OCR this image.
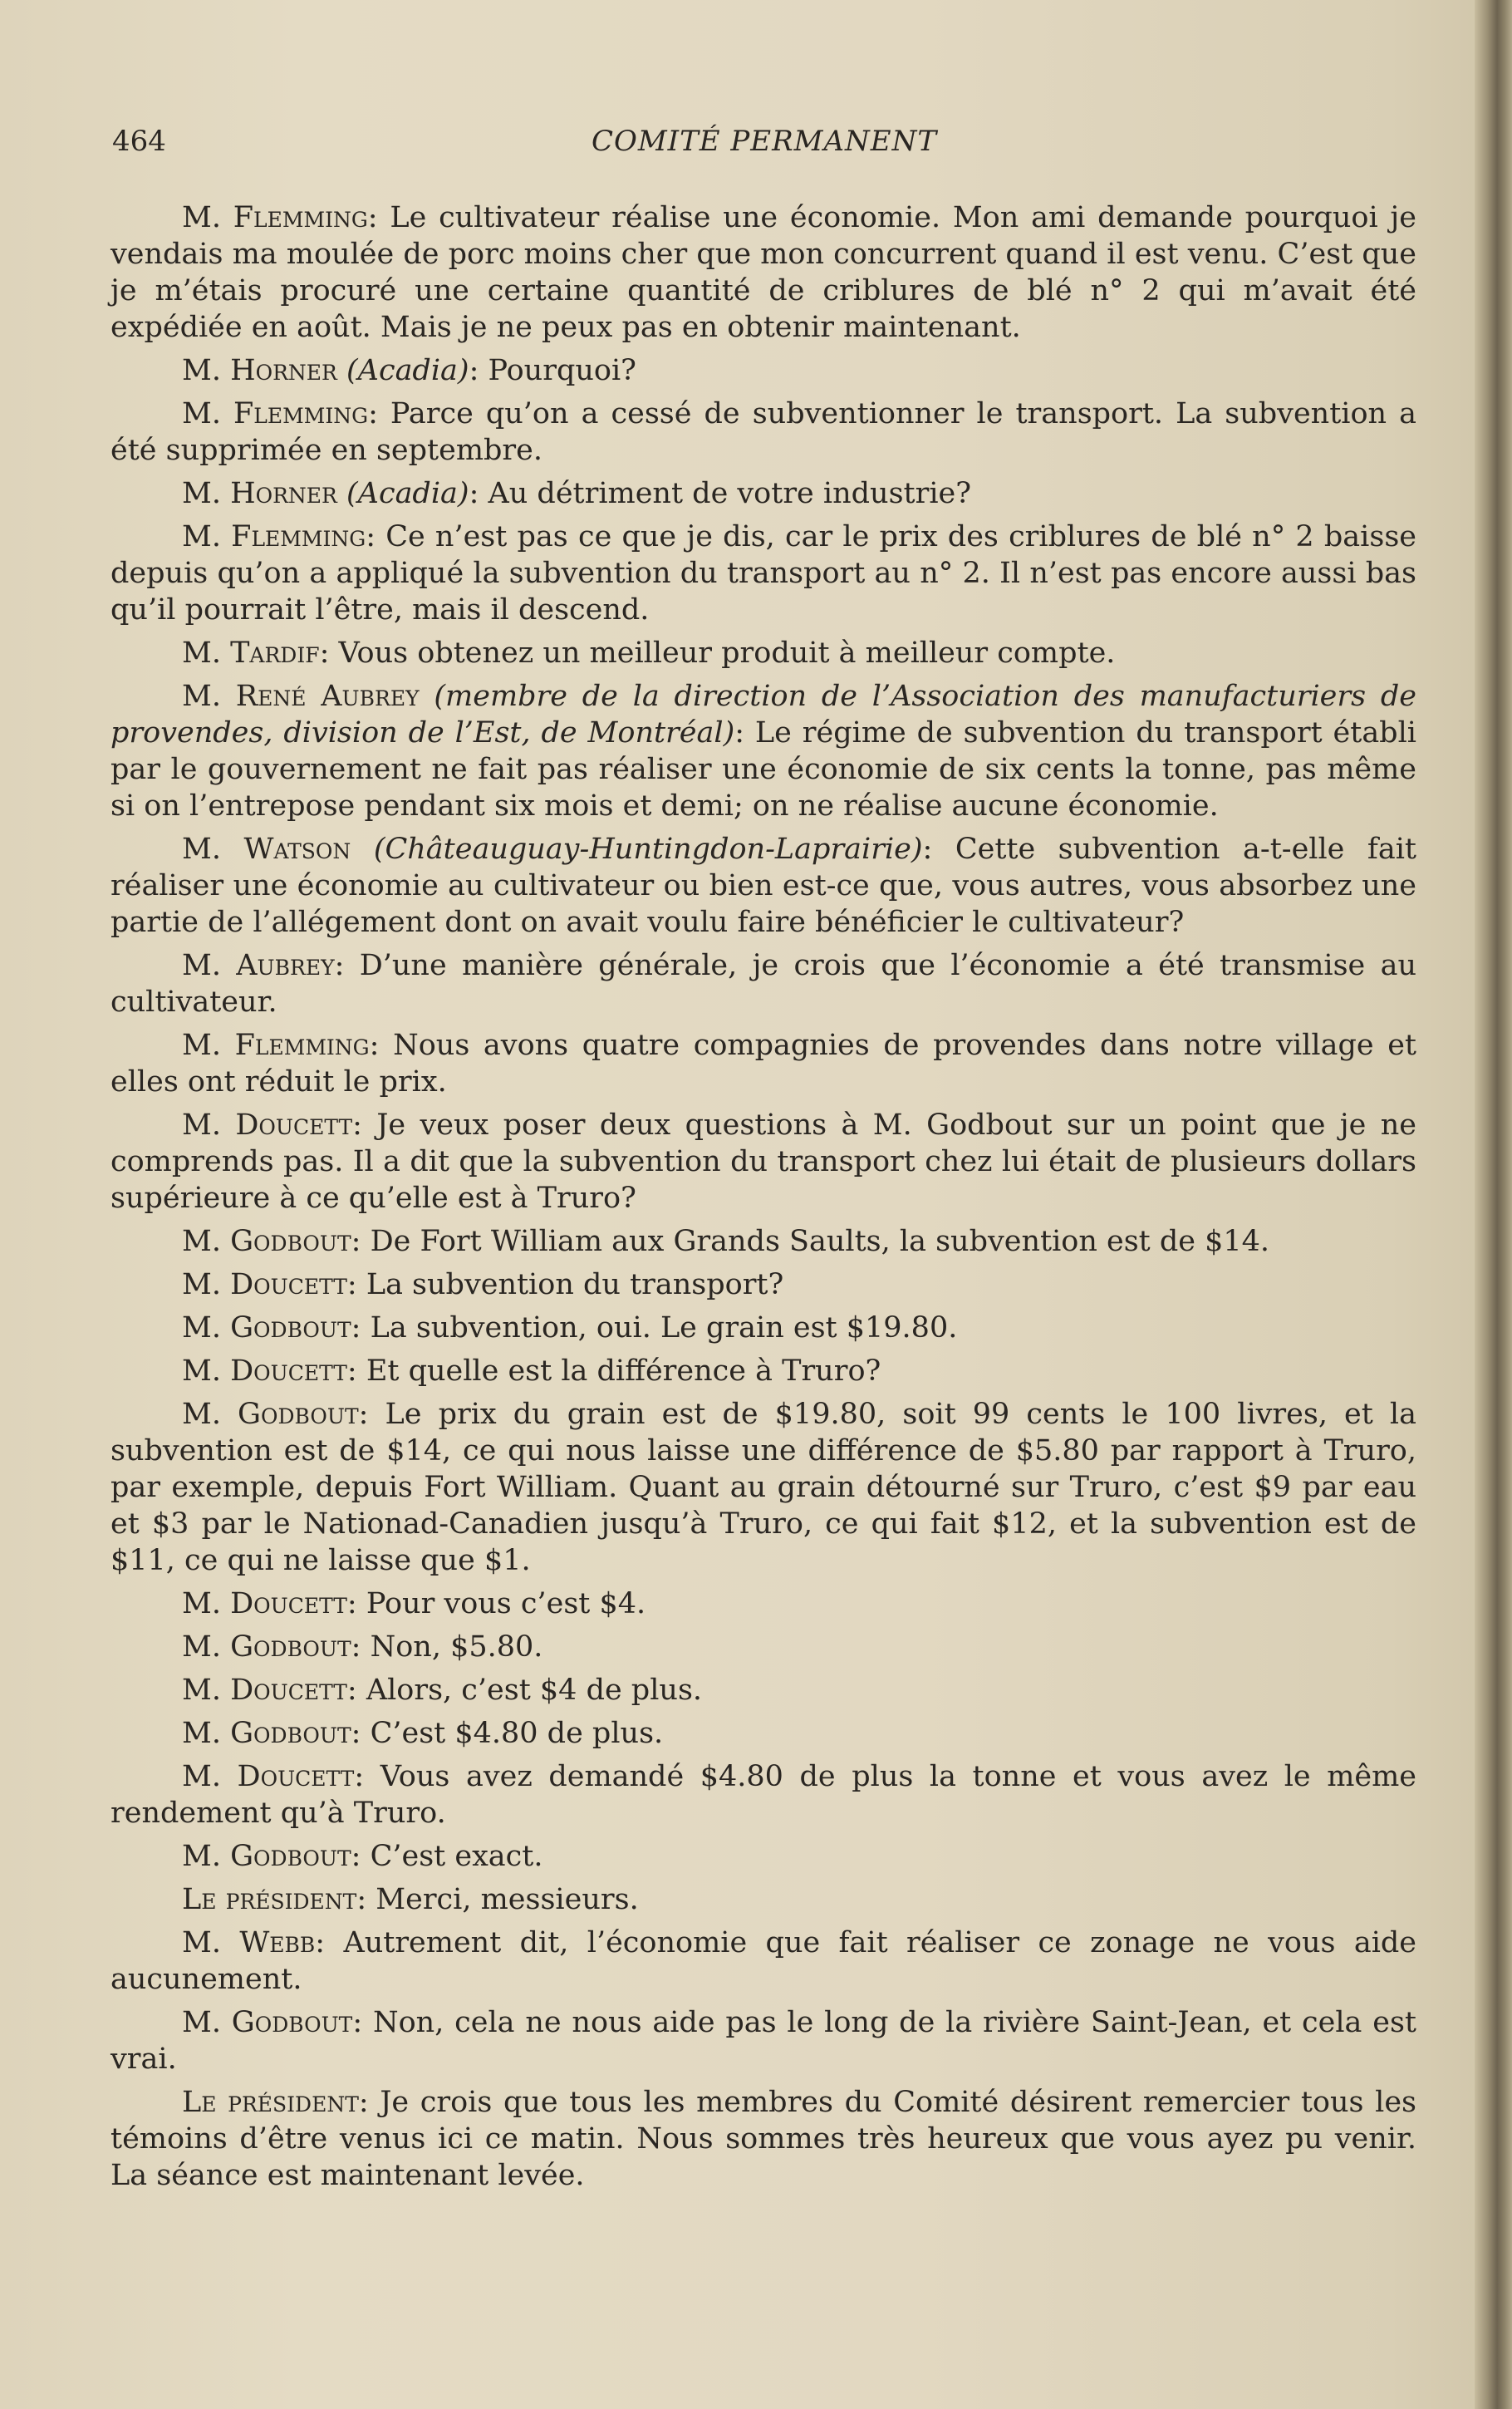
464	COMITÉ PERMANENT

M. Flemming: Le cultivateur réalise une économie. Mon ami demande pourquoi je vendais ma moulée de porc moins cher que mon concurrent quand il est venu. C’est que je m’étais procuré une certaine quantité de criblures de blé n° 2 qui m’avait été expédiée en août. Mais je ne peux pas en obtenir maintenant.

M. Horner (Acadia): Pourquoi?

M. Flemming: Parce qu’on a cessé de subventionner le transport. La subvention a été supprimée en septembre.

M. Horner (Acadia): Au détriment de votre industrie?

M. Flemming: Ce n’est pas ce que je dis, car le prix des criblures de blé n° 2 baisse depuis qu’on a appliqué la subvention du transport au n° 2. Il n’est pas encore aussi bas qu’il pourrait l’être, mais il descend.

M. Tardif: Vous obtenez un meilleur produit à meilleur compte.

M. René Aubrey (membre de la direction de l’Association des manufacturiers de provendes, division de l’Est, de Montréal): Le régime de subvention du transport établi par le gouvernement ne fait pas réaliser une économie de six cents la tonne, pas même si on l’entrepose pendant six mois et demi; on ne réalise aucune économie.

M. Watson (Châteauguay-Huntingdon-Laprairie): Cette subvention a-t-elle fait réaliser une économie au cultivateur ou bien est-ce que, vous autres, vous absorbez une partie de l’allégement dont on avait voulu faire bénéficier le cultivateur?

M. Aubrey: D’une manière générale, je crois que l’économie a été transmise au cultivateur.

M. Flemming: Nous avons quatre compagnies de provendes dans notre village et elles ont réduit le prix.

M. Doucett: Je veux poser deux questions à M. Godbout sur un point que je ne comprends pas. Il a dit que la subvention du transport chez lui était de plusieurs dollars supérieure à ce qu’elle est à Truro?

M. Godbout: De Fort William aux Grands Saults, la subvention est de $14.

M. Doucett: La subvention du transport?

M. Godbout: La subvention, oui. Le grain est $19.80.

M. Doucett: Et quelle est la différence à Truro?

M. Godbout: Le prix du grain est de $19.80, soit 99 cents le 100 livres, et la subvention est de $14, ce qui nous laisse une différence de $5.80 par rapport à Truro, par exemple, depuis Fort William. Quant au grain détourné sur Truro, c’est $9 par eau et $3 par le Nationad-Canadien jusqu’à Truro, ce qui fait $12, et la subvention est de $11, ce qui ne laisse que $1.

M. Doucett: Pour vous c’est $4.

M. Godbout: Non, $5.80.

M. Doucett: Alors, c’est $4 de plus.

M. Godbout: C’est $4.80 de plus.

M. Doucett: Vous avez demandé $4.80 de plus la tonne et vous avez le même rendement qu’à Truro.

M. Godbout: C’est exact.

Le président: Merci, messieurs.

M. Webb: Autrement dit, l’économie que fait réaliser ce zonage ne vous aide aucunement.

M. Godbout: Non, cela ne nous aide pas le long de la rivière Saint-Jean, et cela est vrai.

Le président: Je crois que tous les membres du Comité désirent remercier tous les témoins d’être venus ici ce matin. Nous sommes très heureux que vous ayez pu venir. La séance est maintenant levée.
